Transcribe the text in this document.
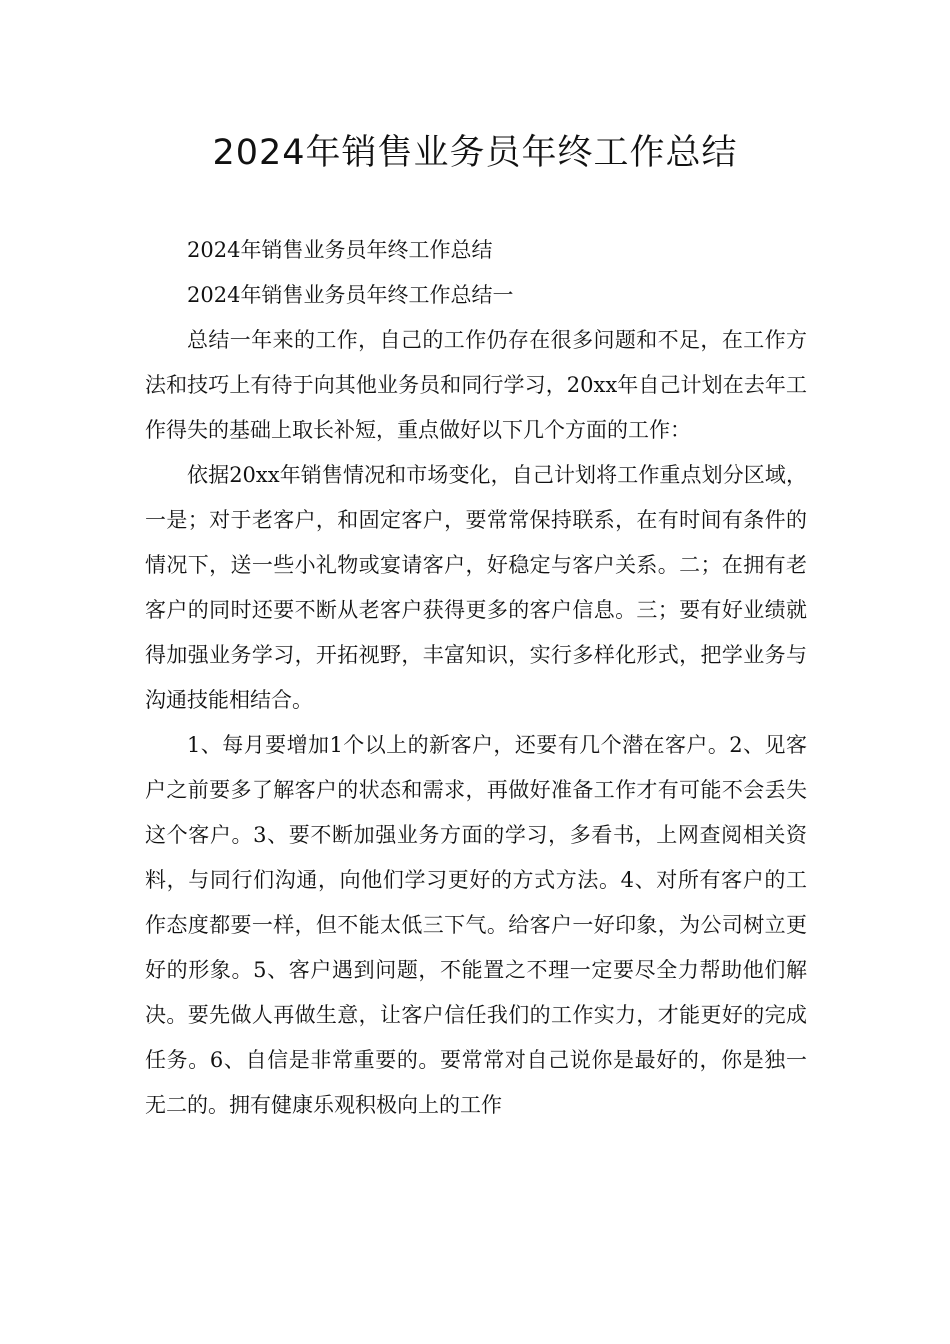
2024年销售业务员年终工作总结

2024年销售业务员年终工作总结

2024年销售业务员年终工作总结一

总结一年来的工作，自己的工作仍存在很多问题和不足，在工作方法和技巧上有待于向其他业务员和同行学习，20xx年自己计划在去年工作得失的基础上取长补短，重点做好以下几个方面的工作：

依据20xx年销售情况和市场变化，自己计划将工作重点划分区域，一是；对于老客户，和固定客户，要常常保持联系，在有时间有条件的情况下，送一些小礼物或宴请客户，好稳定与客户关系。二；在拥有老客户的同时还要不断从老客户获得更多的客户信息。三；要有好业绩就得加强业务学习，开拓视野，丰富知识，实行多样化形式，把学业务与沟通技能相结合。

1、每月要增加1个以上的新客户，还要有几个潜在客户。2、见客户之前要多了解客户的状态和需求，再做好准备工作才有可能不会丢失这个客户。3、要不断加强业务方面的学习，多看书，上网查阅相关资料，与同行们沟通，向他们学习更好的方式方法。4、对所有客户的工作态度都要一样，但不能太低三下气。给客户一好印象，为公司树立更好的形象。5、客户遇到问题，不能置之不理一定要尽全力帮助他们解决。要先做人再做生意，让客户信任我们的工作实力，才能更好的完成任务。6、自信是非常重要的。要常常对自己说你是最好的，你是独一无二的。拥有健康乐观积极向上的工作
